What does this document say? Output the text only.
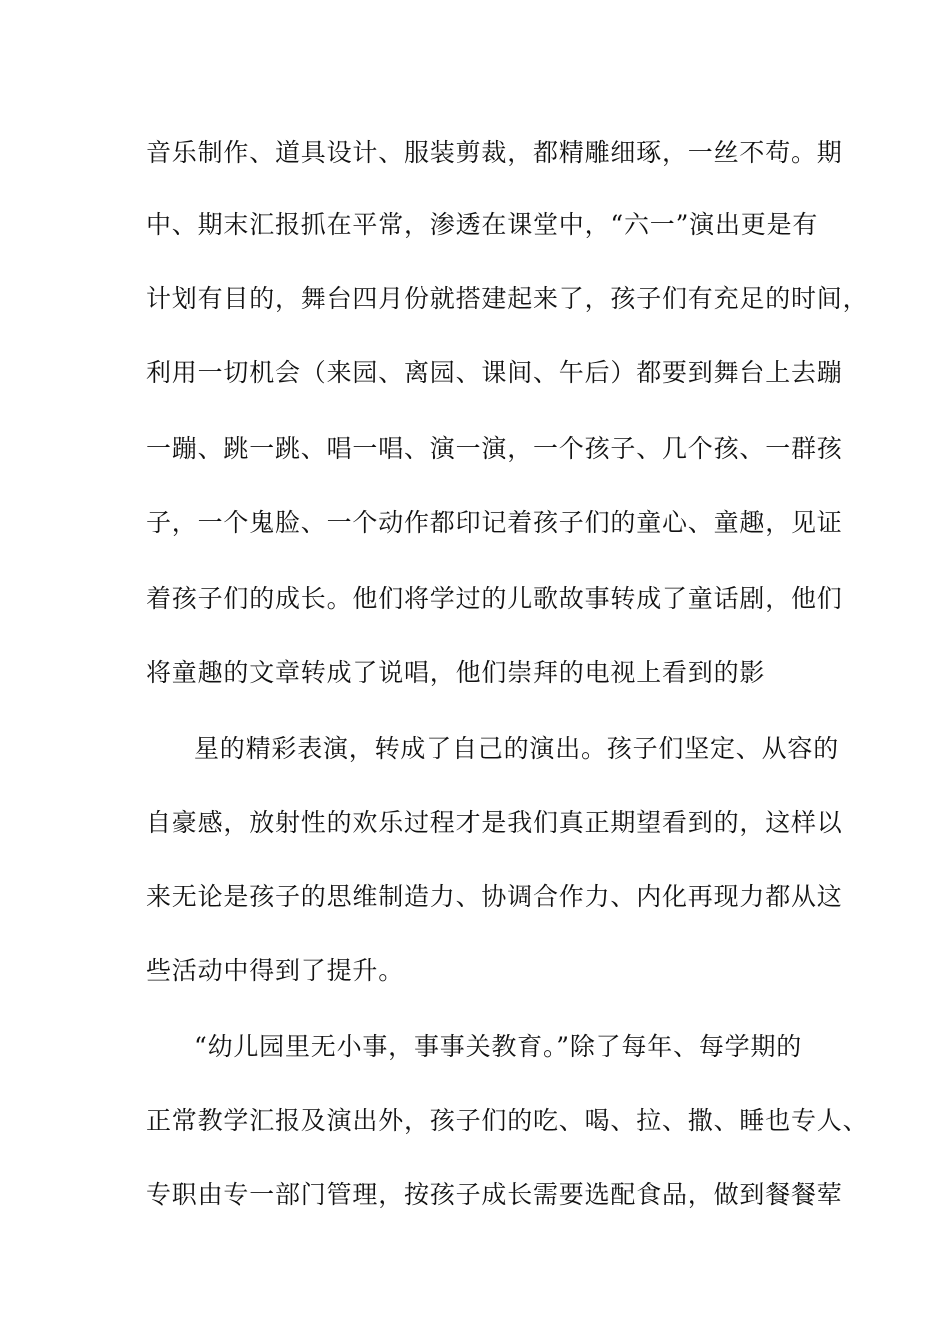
音乐制作、道具设计、服装剪裁，都精雕细琢，一丝不苟。期
中、期末汇报抓在平常，渗透在课堂中，“六一”演出更是有
计划有目的，舞台四月份就搭建起来了，孩子们有充足的时间，
利用一切机会（来园、离园、课间、午后）都要到舞台上去蹦
一蹦、跳一跳、唱一唱、演一演，一个孩子、几个孩、一群孩
子，一个鬼脸、一个动作都印记着孩子们的童心、童趣，见证
着孩子们的成长。他们将学过的儿歌故事转成了童话剧，他们
将童趣的文章转成了说唱，他们崇拜的电视上看到的影
星的精彩表演，转成了自己的演出。孩子们坚定、从容的
自豪感，放射性的欢乐过程才是我们真正期望看到的，这样以
来无论是孩子的思维制造力、协调合作力、内化再现力都从这
些活动中得到了提升。
“幼儿园里无小事，事事关教育。”除了每年、每学期的
正常教学汇报及演出外，孩子们的吃、喝、拉、撒、睡也专人、
专职由专一部门管理，按孩子成长需要选配食品，做到餐餐荤
